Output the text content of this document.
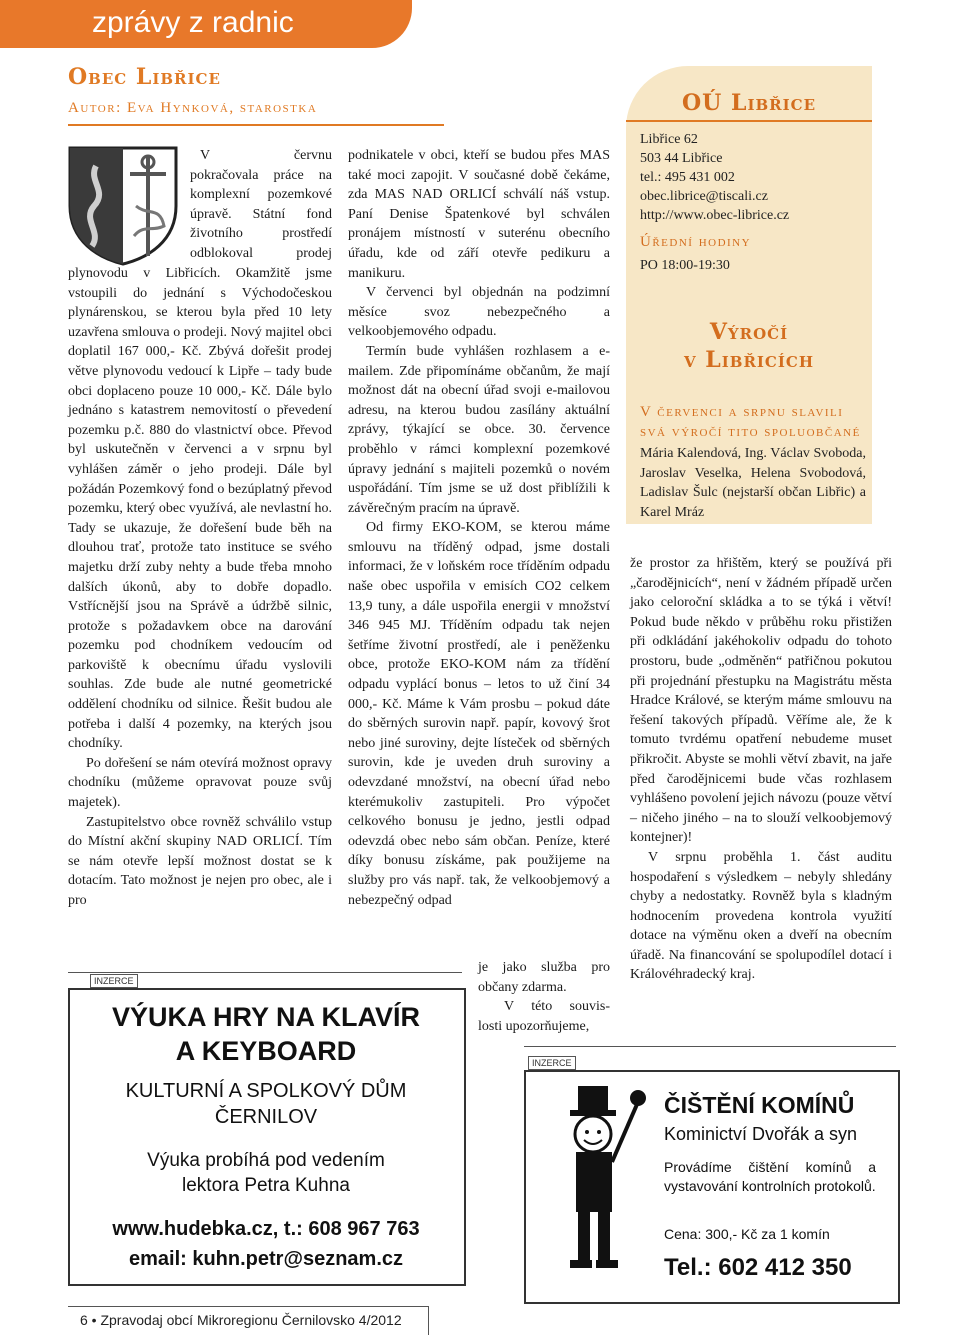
zprávy z radnic
Obec Libřice
Autor: Eva Hynková, starostka

V červnu

pokračovala práce na

komplexní pozemkové

úpravě. Státní fond

životního prostředí

odblokoval prodej

plynovodu v Libřicích. Okamžitě jsme vstoupili do jednání s Východočeskou plynárenskou, se kterou byla před 10 lety uzavřena smlouva o prodeji. Nový majitel obci doplatil 167 000,- Kč. Zbývá dořešit prodej větve plynovodu vedoucí k Lipře – tady bude obci doplaceno pouze 10 000,- Kč. Dále bylo jednáno s katastrem nemovitostí o převedení pozemku p.č. 880 do vlastnictví obce. Převod byl uskutečněn v červenci a v srpnu byl vyhlášen záměr o jeho prodeji. Dále byl požádán Pozemkový fond o bezúplatný převod pozemku, který obec využívá, ale nevlastní ho. Tady se ukazuje, že dořešení bude běh na dlouhou trať, protože tato instituce se svého majetku drží zuby nehty a bude třeba mnoho dalších úkonů, aby to dobře dopadlo. Vstřícnější jsou na Správě a údržbě silnic, protože s požadavkem obce na darování pozemku pod chodníkem vedoucím od parkoviště k obecnímu úřadu vyslovili souhlas. Zde bude ale nutné geometrické oddělení chodníku od silnice. Řešit budou ale potřeba i další 4 pozemky, na kterých jsou chodníky.

Po dořešení se nám otevírá možnost opravy chodníku (můžeme opravovat pouze svůj majetek).

Zastupitelstvo obce rovněž schválilo vstup do Místní akční skupiny NAD ORLICÍ. Tím se nám otevře lepší možnost dostat se k dotacím. Tato možnost je nejen pro obec, ale i pro

podnikatele v obci, kteří se budou přes MAS také moci zapojit. V současné době čekáme, zda MAS NAD ORLICÍ schválí náš vstup. Paní Denise Špatenkové byl schválen pronájem místností v suterénu obecního úřadu, kde od září otevře pedikuru a manikuru.

V červenci byl objednán na podzimní měsíce svoz nebezpečného a velkoobjemového odpadu.

Termín bude vyhlášen rozhlasem a e-mailem. Zde připomínáme občanům, že mají možnost dát na obecní úřad svoji e-mailovou adresu, na kterou budou zasílány aktuální zprávy, týkající se obce. 30. července proběhlo v rámci komplexní pozemkové úpravy jednání s majiteli pozemků o novém uspořádání. Tím jsme se už dost přiblížili k závěrečným pracím na úpravě.

Od firmy EKO-KOM, se kterou máme smlouvu na tříděný odpad, jsme dostali informaci, že v loňském roce tříděním odpadu naše obec uspořila v emisích CO2 celkem 13,9 tuny, a dále uspořila energii v množství 346 945 MJ. Tříděním odpadu tak nejen šetříme životní prostředí, ale i peněženku obce, protože EKO-KOM nám za třídění odpadu vyplácí bonus – letos to už činí 34 000,- Kč. Máme k Vám prosbu – pokud dáte do sběrných surovin např. papír, kovový šrot nebo jiné suroviny, dejte lísteček od sběrných surovin, kde je uveden druh suroviny a odevzdané množství, na obecní úřad nebo kterémukoliv zastupiteli. Pro výpočet celkového bonusu je jedno, jestli odpad odevzdá obec nebo sám občan. Peníze, které díky bonusu získáme, pak použijeme na služby pro vás např. tak, že velkoobjemový a nebezpečný odpad

je jako služba pro

občany zdarma.

V této souvis-

losti upozorňujeme,

OÚ Libřice
Libřice 62
503 44 Libřice
tel.: 495 431 002
obec.librice@tiscali.cz
http://www.obec-librice.cz
Úřední hodiny
PO 18:00-19:30
Výročí
v Libřicích
V červenci a srpnu slavili
svá výročí tito spoluobčané
Mária Kalendová, Ing. Václav Svoboda, Jaroslav Veselka, Helena Svobodová, Ladislav Šulc (nejstarší občan Libřic) a Karel Mráz

že prostor za hřištěm, který se používá při „čarodějnicích“, není v žádném případě určen jako celoroční skládka a to se týká i větví! Pokud bude někdo v průběhu roku přistižen při odkládání jakéhokoliv odpadu do tohoto prostoru, bude „odměněn“ patřičnou pokutou při projednání přestupku na Magistrátu města Hradce Králové, se kterým máme smlouvu na řešení takových případů. Věříme ale, že k tomuto tvrdému opatření nebudeme muset přikročit. Abyste se mohli větví zbavit, na jaře před čarodějnicemi bude včas rozhlasem vyhlášeno povolení jejich návozu (pouze větví – ničeho jiného – na to slouží velkoobjemový kontejner)!

V srpnu proběhla 1. část auditu hospodaření s výsledkem – nebyly shledány chyby a nedostatky. Rovněž byla s kladným hodnocením provedena kontrola využití dotace na výměnu oken a dveří na obecním úřadě. Na financování se spolupodílel dotací i Královéhradecký kraj.

INZERCE
VÝUKA HRY NA KLAVÍR
A KEYBOARD
KULTURNÍ A SPOLKOVÝ DŮM
ČERNILOV
Výuka probíhá pod vedením
lektora Petra Kuhna
www.hudebka.cz, t.: 608 967 763
email: kuhn.petr@seznam.cz
INZERCE
ČIŠTĚNÍ KOMÍNŮ
Kominictví Dvořák a syn
Provádíme čištění komínů a vystavování kontrolních protokolů.
Cena: 300,- Kč za 1 komín
Tel.: 602 412 350
6 • Zpravodaj obcí Mikroregionu Černilovsko 4/2012
